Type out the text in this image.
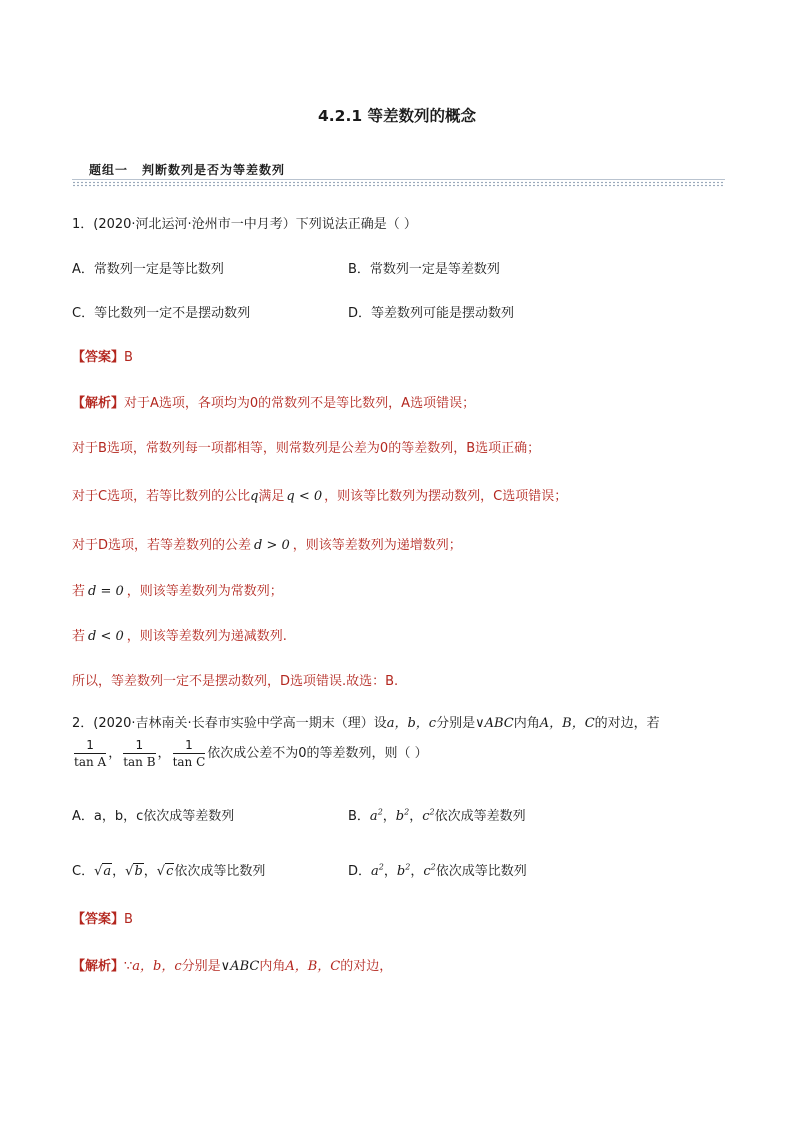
4.2.1 等差数列的概念
题组一 判断数列是否为等差数列
1．(2020·河北运河·沧州市一中月考）下列说法正确是（ ）
A．常数列一定是等比数列	B．常数列一定是等差数列
C．等比数列一定不是摆动数列	D．等差数列可能是摆动数列
【答案】B
【解析】对于A选项，各项均为0的常数列不是等比数列，A选项错误；
对于B选项，常数列每一项都相等，则常数列是公差为0的等差数列，B选项正确；
对于C选项，若等比数列的公比q满足 q < 0 ，则该等比数列为摆动数列，C选项错误；
对于D选项，若等差数列的公差 d > 0 ，则该等差数列为递增数列；
若 d = 0 ，则该等差数列为常数列；
若 d < 0 ，则该等差数列为递减数列.
所以，等差数列一定不是摆动数列，D选项错误.故选：B.
2．(2020·吉林南关·长春市实验中学高一期末（理）设a，b，c分别是∨ABC内角A，B，C的对边，若
$\frac{1}{\text{tan A}}$ ， $\frac{1}{\text{tan B}}$ ， $\frac{1}{\text{tan C}}$ 依次成公差不为0的等差数列，则（ ）
A．a，b，c依次成等差数列	B．$a^2$，$b^2$，$c^2$依次成等差数列
C．√a，√b，√c依次成等比数列	D．$a^2$，$b^2$，$c^2$依次成等比数列
【答案】B
【解析】∵a，b，c分别是∨ABC内角A，B，C的对边，
